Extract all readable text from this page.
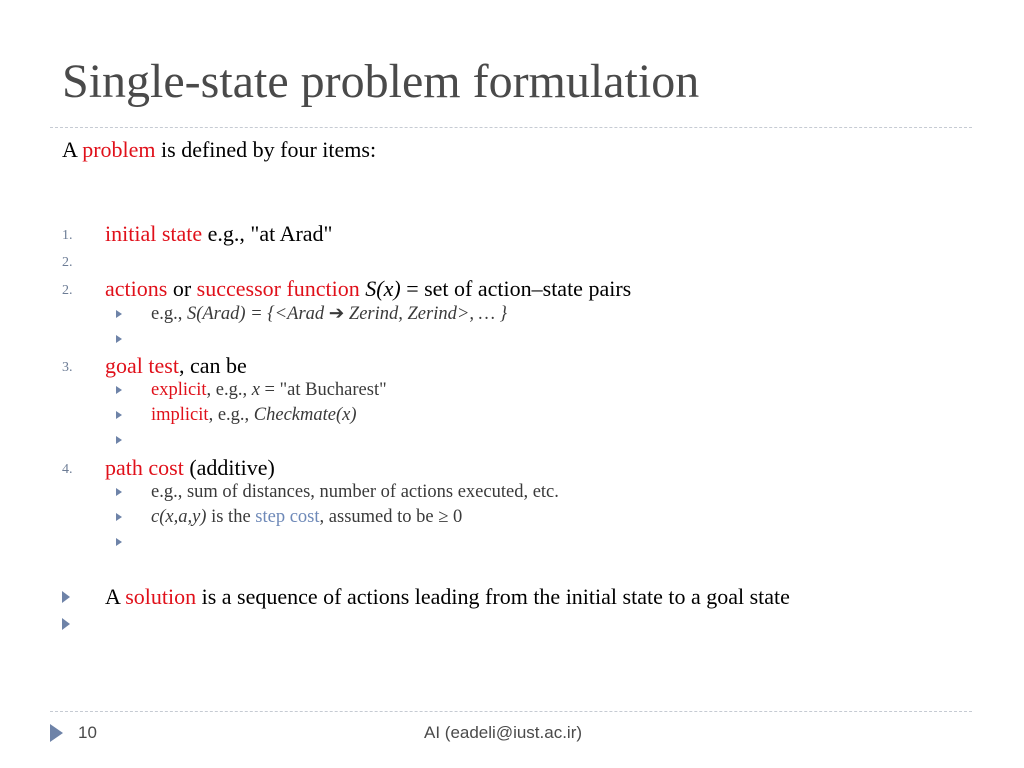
Single-state problem formulation
A problem is defined by four items:
1.	initial state e.g., "at Arad"
2.
2.	actions or successor function S(x) = set of action–state pairs
e.g., S(Arad) = {<Arad ➔ Zerind, Zerind>, … }
3.	goal test, can be
explicit, e.g., x = "at Bucharest"
implicit, e.g., Checkmate(x)
4.	path cost (additive)
e.g., sum of distances, number of actions executed, etc.
c(x,a,y) is the step cost, assumed to be ≥ 0
A solution is a sequence of actions leading from the initial state to a goal state
10	AI (eadeli@iust.ac.ir)
